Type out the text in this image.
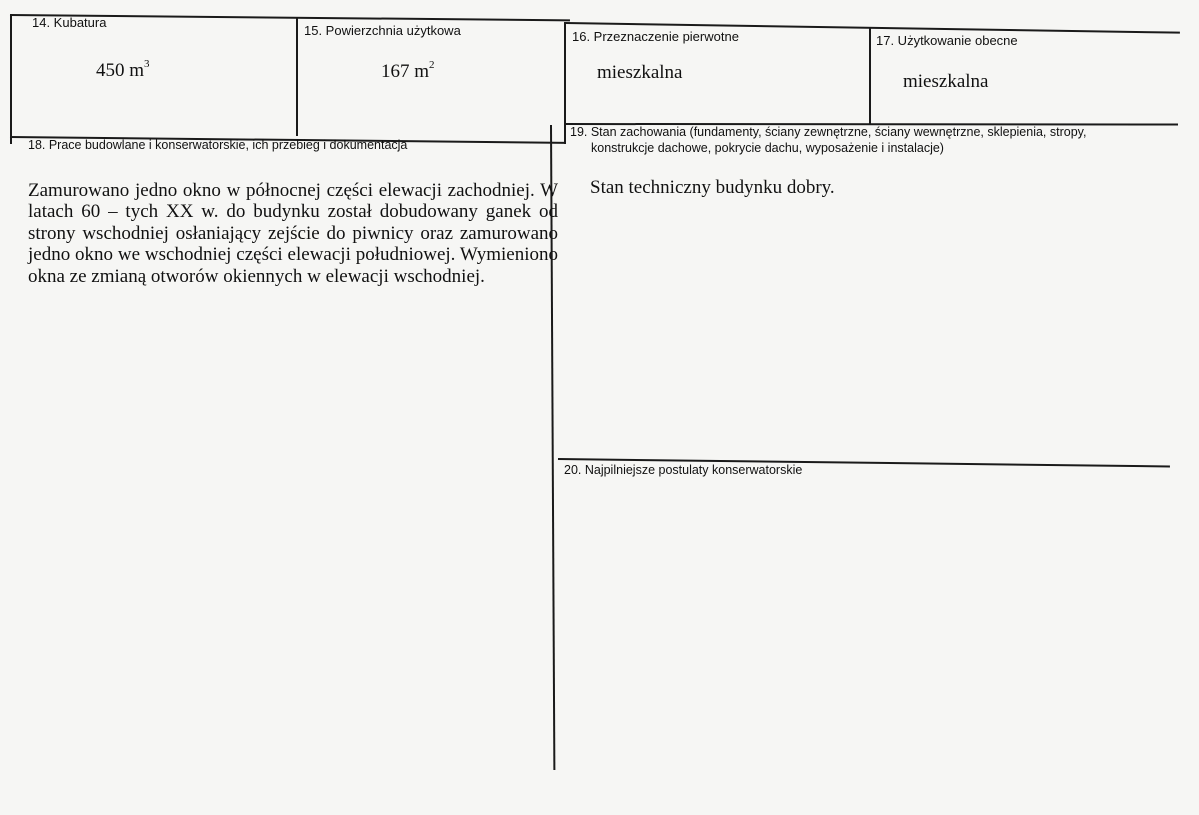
14. Kubatura
450 $m^3$
15. Powierzchnia użytkowa
167 $m^2$
16. Przeznaczenie pierwotne
mieszkalna
17. Użytkowanie obecne
mieszkalna
18. Prace budowlane i konserwatorskie, ich przebieg i dokumentacja
Zamurowano jedno okno w północnej części elewacji zachodniej. W latach 60 – tych XX w. do budynku został dobudowany ganek od strony wschodniej osłaniający zejście do piwnicy oraz zamurowano jedno okno we wschodniej części elewacji południowej. Wymieniono okna ze zmianą otworów okiennych w elewacji wschodniej.
19. Stan zachowania (fundamenty, ściany zewnętrzne, ściany wewnętrzne, sklepienia, stropy,
konstrukcje dachowe, pokrycie dachu, wyposażenie i instalacje)
Stan techniczny budynku dobry.
20. Najpilniejsze postulaty konserwatorskie
